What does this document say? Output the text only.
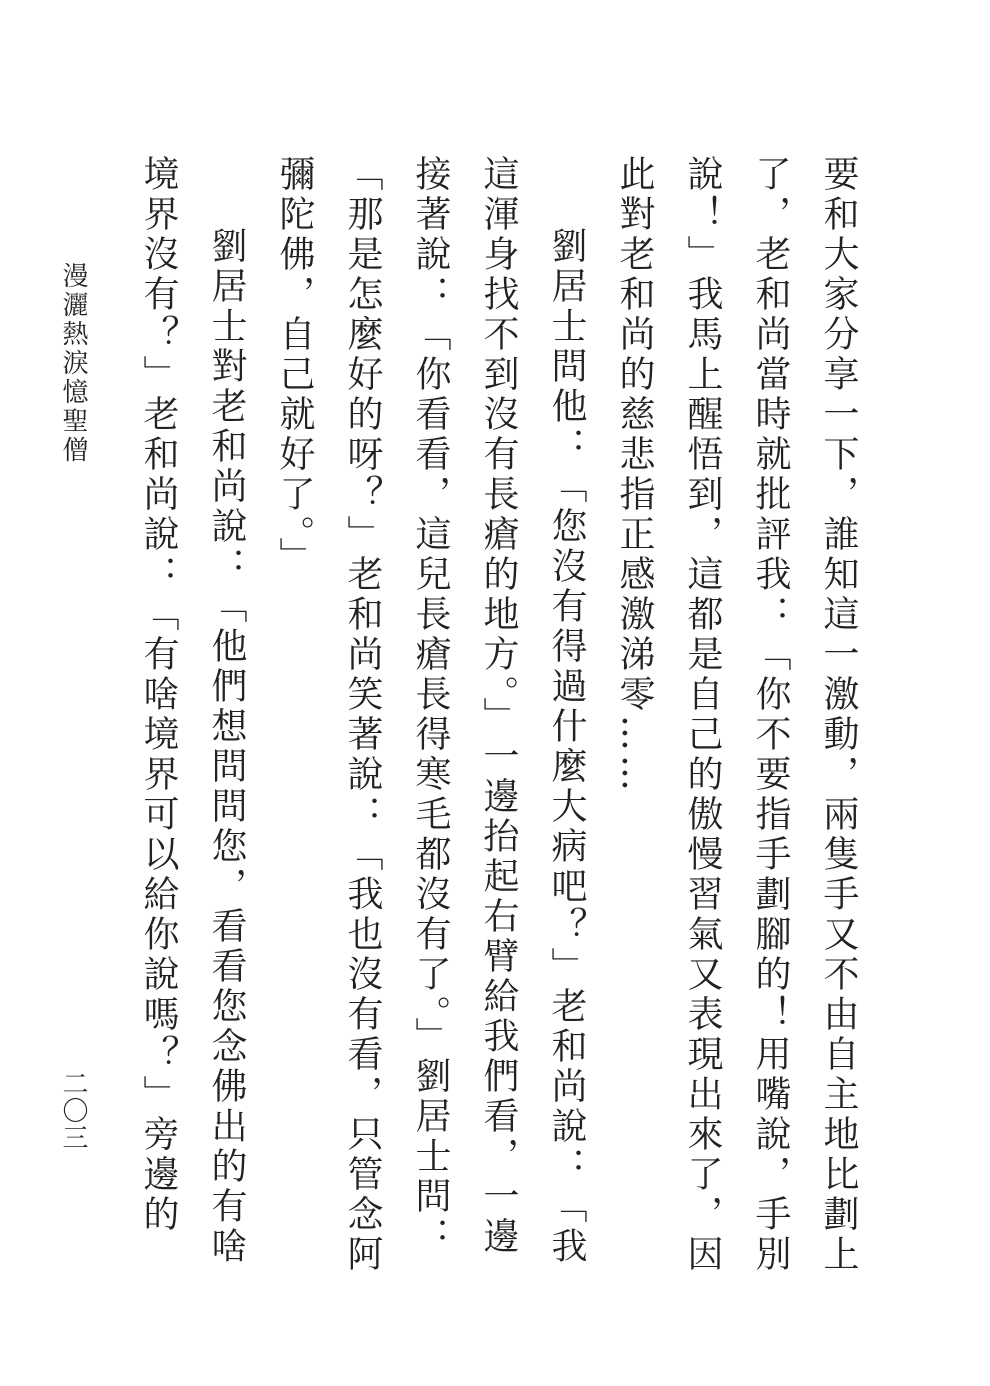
要和大家分享一下，誰知這一激動，兩隻手又不由自主地比劃上了，老和尚當時就批評我：「你不要指手劃腳的！用嘴說，手別說！」我馬上醒悟到，這都是自己的傲慢習氣又表現出來了，因此對老和尚的慈悲指正感激涕零……

劉居士問他：「您沒有得過什麼大病吧？」老和尚說：「我這渾身找不到沒有長瘡的地方。」一邊抬起右臂給我們看，一邊接著說：「你看看，這兒長瘡長得寒毛都沒有了。」劉居士問：「那是怎麼好的呀？」老和尚笑著說：「我也沒有看，只管念阿彌陀佛，自己就好了。」

劉居士對老和尚說：「他們想問問您，看看您念佛出的有啥境界沒有？」老和尚說：「有啥境界可以給你說嗎？」旁邊的

漫灑熱淚憶聖僧
二〇三
